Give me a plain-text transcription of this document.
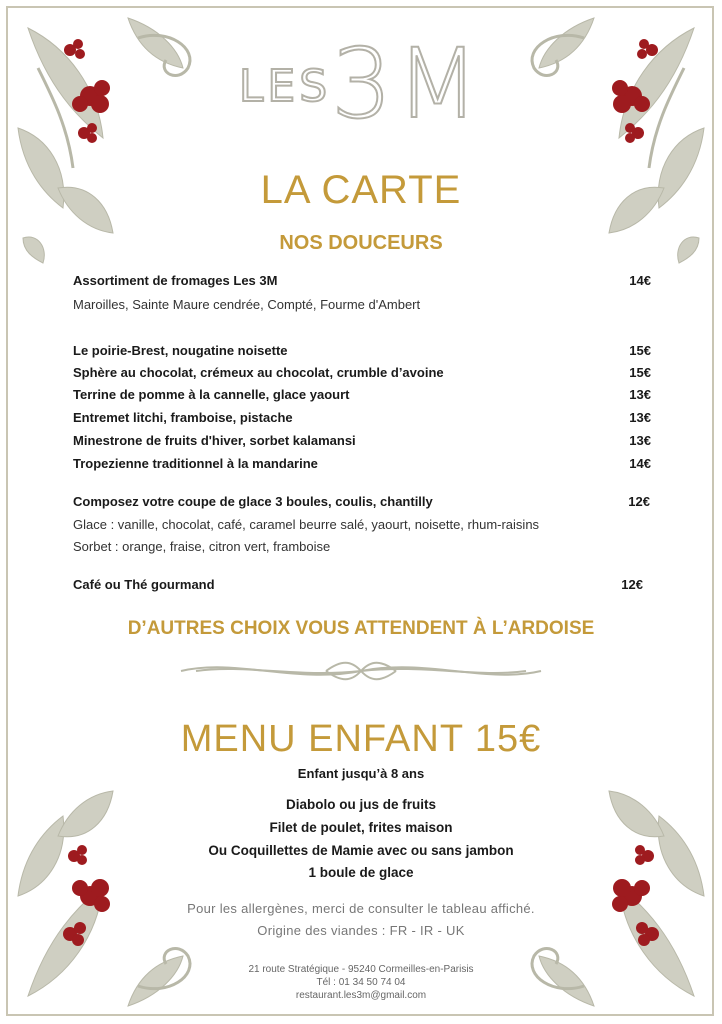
LES3M
LA CARTE
NOS DOUCEURS
Assortiment de fromages Les 3M	14€
Maroilles, Sainte Maure cendrée, Compté, Fourme d'Ambert
Le poirie-Brest, nougatine noisette	15€
Sphère au chocolat, crémeux au chocolat, crumble d’avoine	15€
Terrine de pomme à la cannelle, glace yaourt	13€
Entremet litchi, framboise, pistache	13€
Minestrone de fruits d'hiver, sorbet kalamansi	13€
Tropezienne traditionnel à la mandarine	14€
Composez votre coupe de glace 3 boules, coulis, chantilly	12€
Glace : vanille, chocolat, café, caramel beurre salé, yaourt, noisette, rhum-raisins
Sorbet : orange, fraise, citron vert, framboise
Café ou Thé gourmand	12€
D’AUTRES CHOIX VOUS ATTENDENT À L’ARDOISE
MENU ENFANT 15€
Enfant jusqu’à 8 ans
Diabolo ou jus de fruits
Filet de poulet, frites maison
Ou Coquillettes de Mamie avec ou sans jambon
1 boule de glace
Pour les allergènes, merci de consulter le tableau affiché.
Origine des viandes : FR - IR - UK
21 route Stratégique - 95240 Cormeilles-en-Parisis
Tél : 01 34 50 74 04
restaurant.les3m@gmail.com
